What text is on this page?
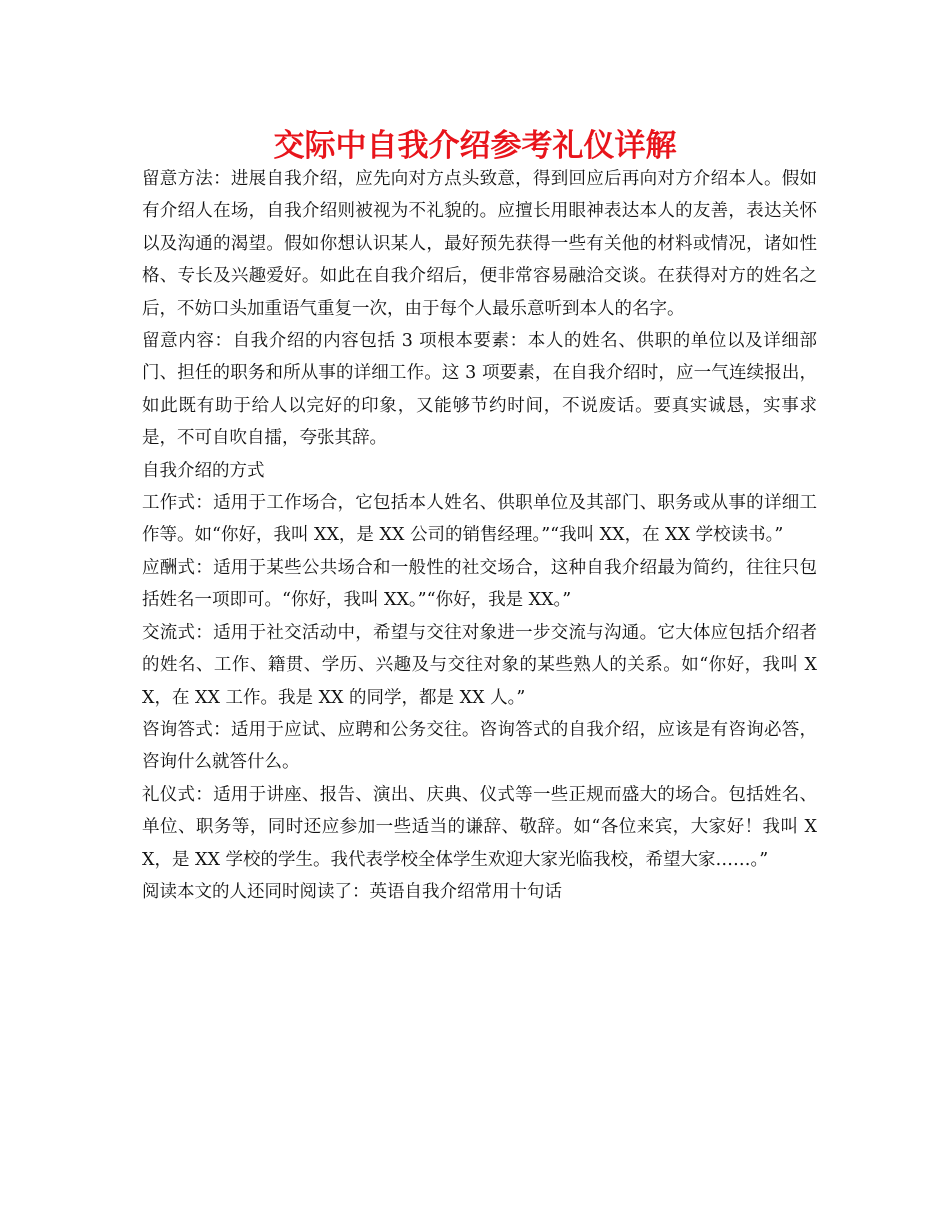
交际中自我介绍参考礼仪详解

留意方法：进展自我介绍，应先向对方点头致意，得到回应后再向对方介绍本人。假如有介绍人在场，自我介绍则被视为不礼貌的。应擅长用眼神表达本人的友善，表达关怀以及沟通的渴望。假如你想认识某人，最好预先获得一些有关他的材料或情况，诸如性格、专长及兴趣爱好。如此在自我介绍后，便非常容易融洽交谈。在获得对方的姓名之后，不妨口头加重语气重复一次，由于每个人最乐意听到本人的名字。

留意内容：自我介绍的内容包括 3 项根本要素：本人的姓名、供职的单位以及详细部门、担任的职务和所从事的详细工作。这 3 项要素，在自我介绍时，应一气连续报出，如此既有助于给人以完好的印象，又能够节约时间，不说废话。要真实诚恳，实事求是，不可自吹自擂，夸张其辞。

自我介绍的方式

工作式：适用于工作场合，它包括本人姓名、供职单位及其部门、职务或从事的详细工作等。如“你好，我叫 XX，是 XX 公司的销售经理。”“我叫 XX，在 XX 学校读书。”

应酬式：适用于某些公共场合和一般性的社交场合，这种自我介绍最为简约，往往只包括姓名一项即可。“你好，我叫 XX。”“你好，我是 XX。”

交流式：适用于社交活动中，希望与交往对象进一步交流与沟通。它大体应包括介绍者的姓名、工作、籍贯、学历、兴趣及与交往对象的某些熟人的关系。如“你好，我叫 XX，在 XX 工作。我是 XX 的同学，都是 XX 人。”

咨询答式：适用于应试、应聘和公务交往。咨询答式的自我介绍，应该是有咨询必答，咨询什么就答什么。

礼仪式：适用于讲座、报告、演出、庆典、仪式等一些正规而盛大的场合。包括姓名、单位、职务等，同时还应参加一些适当的谦辞、敬辞。如“各位来宾，大家好！我叫 XX，是 XX 学校的学生。我代表学校全体学生欢迎大家光临我校，希望大家……。”

阅读本文的人还同时阅读了：英语自我介绍常用十句话
